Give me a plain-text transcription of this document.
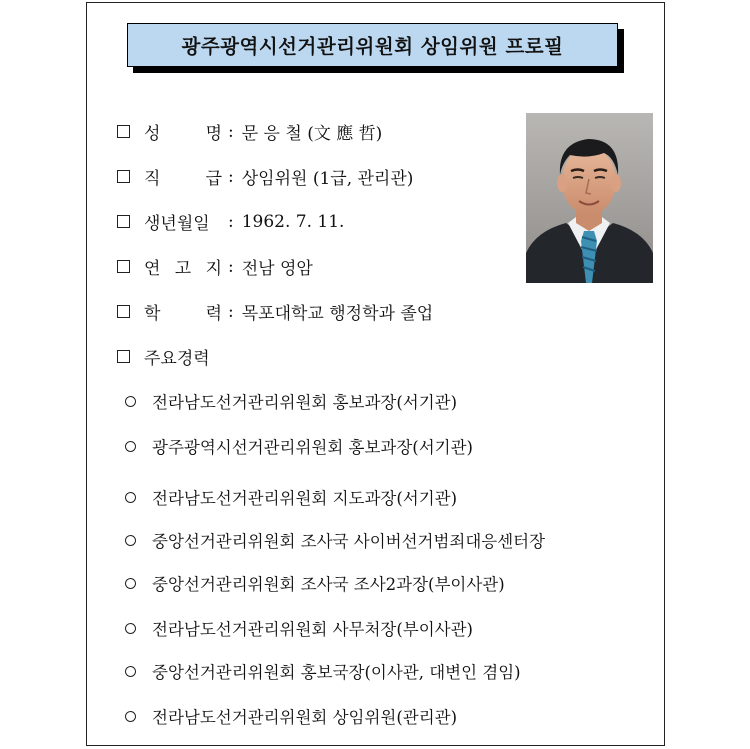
광주광역시선거관리위원회 상임위원 프로필
성	명 : 문 응 철 (文 應 哲)
직	급 : 상임위원 (1급, 관리관)
생년월일 : 1962. 7. 11.
연 고 지 : 전남 영암
학	력 : 목포대학교 행정학과 졸업
주요경력
전라남도선거관리위원회 홍보과장(서기관)
광주광역시선거관리위원회 홍보과장(서기관)
전라남도선거관리위원회 지도과장(서기관)
중앙선거관리위원회 조사국 사이버선거범죄대응센터장
중앙선거관리위원회 조사국 조사2과장(부이사관)
전라남도선거관리위원회 사무처장(부이사관)
중앙선거관리위원회 홍보국장(이사관, 대변인 겸임)
전라남도선거관리위원회 상임위원(관리관)
